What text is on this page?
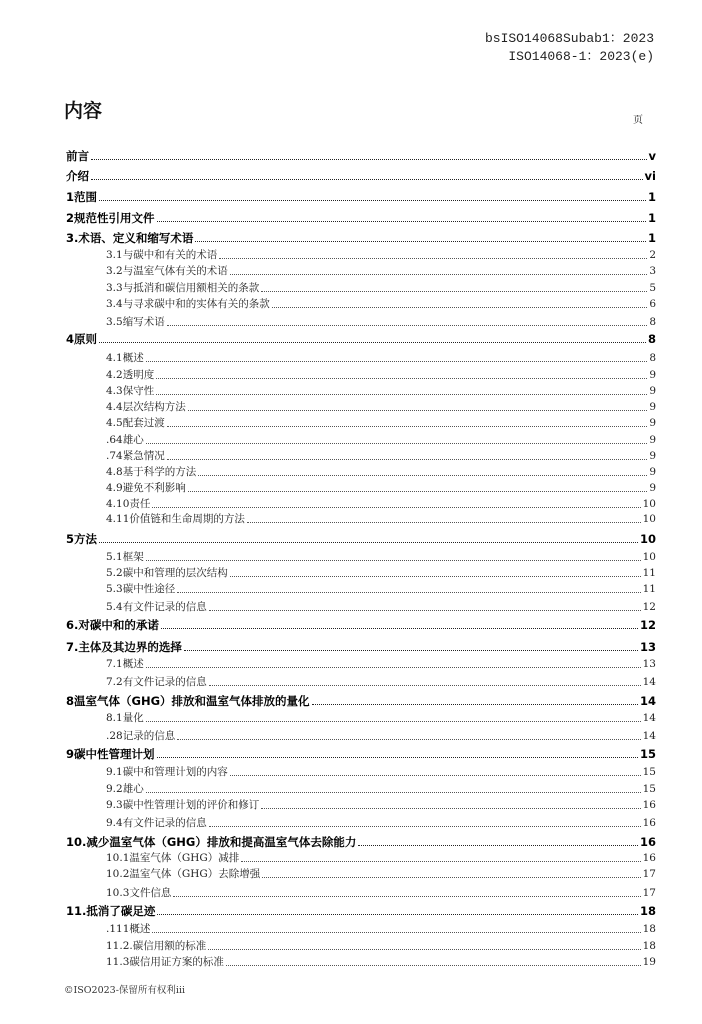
bsISO14068Subab1：2023
ISO14068-1：2023(e)
内容	页
前言	v
介绍	vi
1范围	1
2规范性引用文件	1
3.术语、定义和缩写术语	1
3.1与碳中和有关的术语	2
3.2与温室气体有关的术语	3
3.3与抵消和碳信用额相关的条款	5
3.4与寻求碳中和的实体有关的条款	6
3.5缩写术语	8
4原则	8
4.1概述	8
4.2透明度	9
4.3保守性	9
4.4层次结构方法	9
4.5配套过渡	9
.64雄心	9
.74紧急情况	9
4.8基于科学的方法	9
4.9避免不利影响	9
4.10责任	10
4.11价值链和生命周期的方法	10
5方法	10
5.1框架	10
5.2碳中和管理的层次结构	11
5.3碳中性途径	11
5.4有文件记录的信息	12
6.对碳中和的承诺	12
7.主体及其边界的选择	13
7.1概述	13
7.2有文件记录的信息	14
8温室气体（GHG）排放和温室气体排放的量化	14
8.1量化	14
.28记录的信息	14
9碳中性管理计划	15
9.1碳中和管理计划的内容	15
9.2雄心	15
9.3碳中性管理计划的评价和修订	16
9.4有文件记录的信息	16
10.减少温室气体（GHG）排放和提高温室气体去除能力	16
10.1温室气体（GHG）减排	16
10.2温室气体（GHG）去除增强	17
10.3文件信息	17
11.抵消了碳足迹	18
.111概述	18
11.2.碳信用额的标准	18
11.3碳信用证方案的标准	19
©ISO2023-保留所有权利iii
